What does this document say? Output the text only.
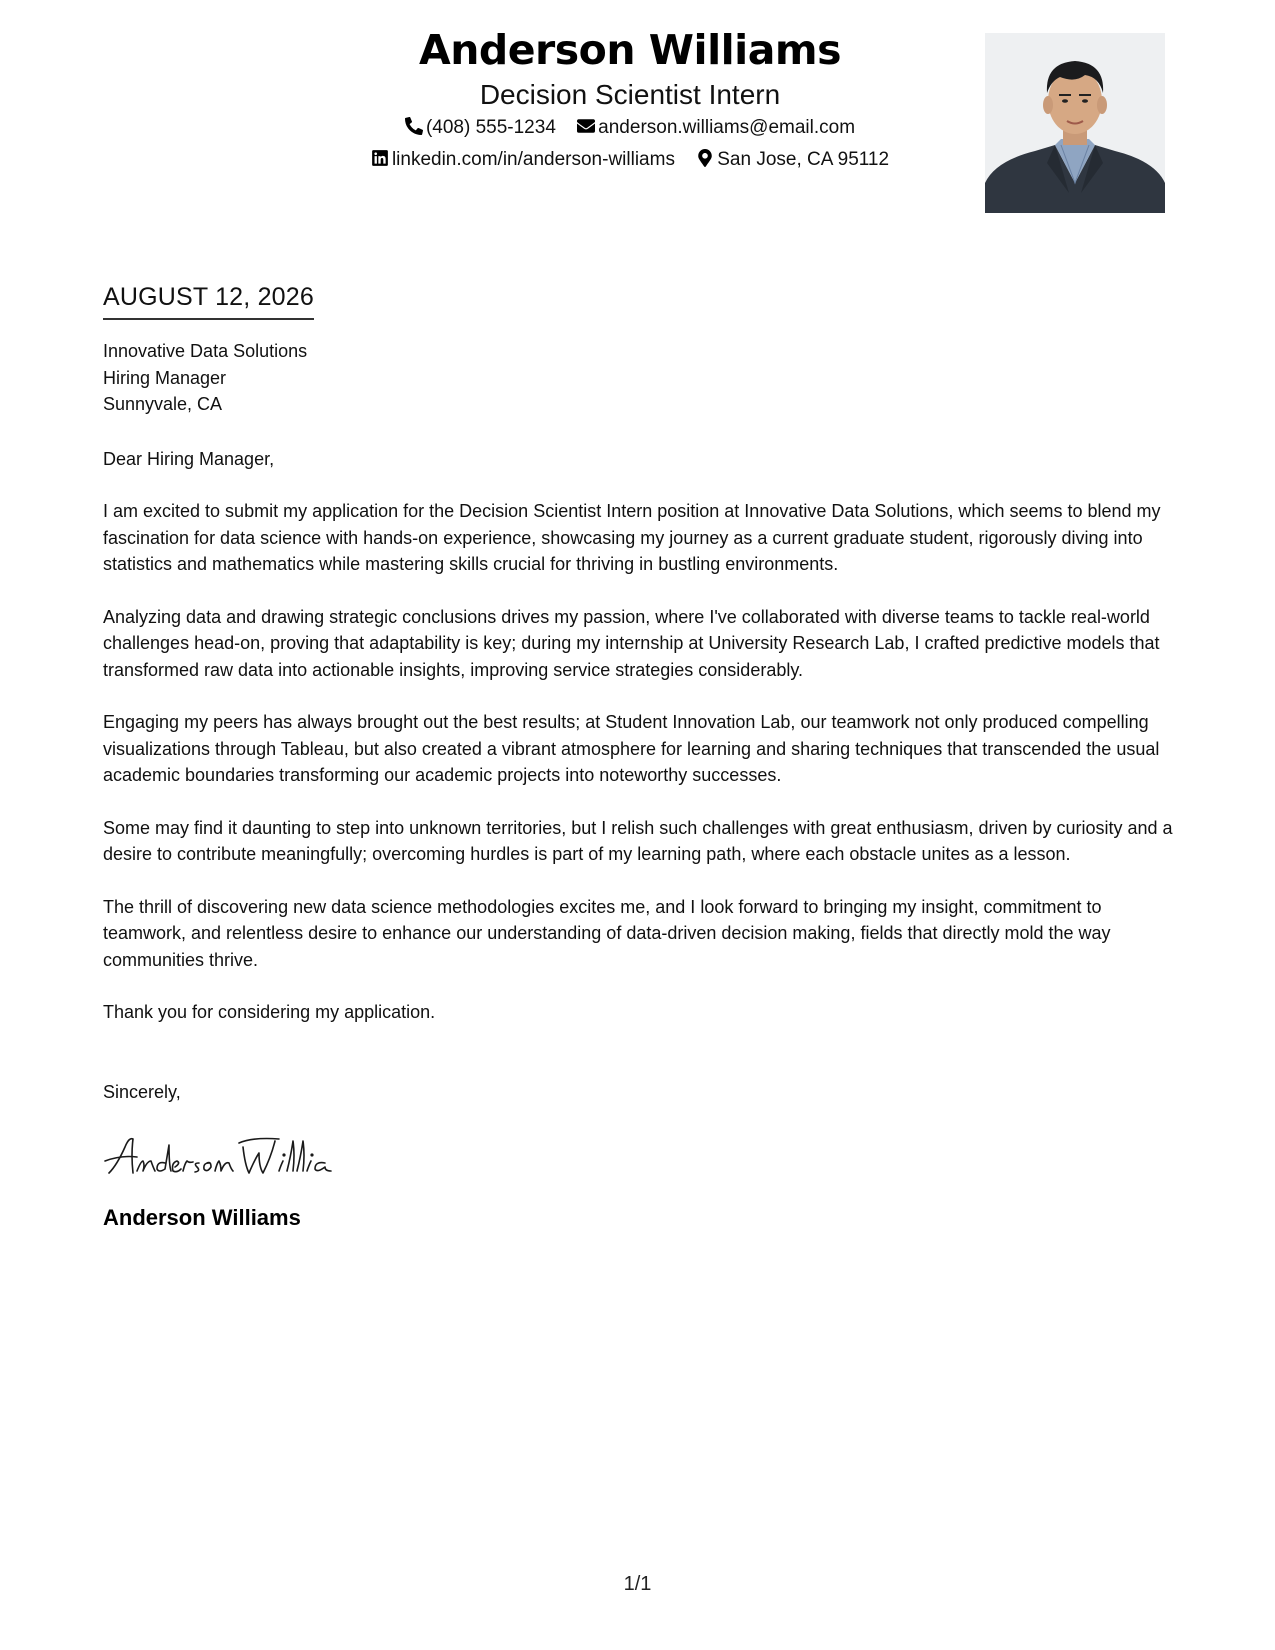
Anderson Williams
Decision Scientist Intern
(408) 555-1234 anderson.williams@email.com
linkedin.com/in/anderson-williams San Jose, CA 95112
AUGUST 12, 2026
Innovative Data Solutions
Hiring Manager
Sunnyvale, CA

Dear Hiring Manager,

I am excited to submit my application for the Decision Scientist Intern position at Innovative Data Solutions, which seems to blend my fascination for data science with hands-on experience, showcasing my journey as a current graduate student, rigorously diving into statistics and mathematics while mastering skills crucial for thriving in bustling environments.

Analyzing data and drawing strategic conclusions drives my passion, where I've collaborated with diverse teams to tackle real-world challenges head-on, proving that adaptability is key; during my internship at University Research Lab, I crafted predictive models that transformed raw data into actionable insights, improving service strategies considerably.

Engaging my peers has always brought out the best results; at Student Innovation Lab, our teamwork not only produced compelling visualizations through Tableau, but also created a vibrant atmosphere for learning and sharing techniques that transcended the usual academic boundaries transforming our academic projects into noteworthy successes.

Some may find it daunting to step into unknown territories, but I relish such challenges with great enthusiasm, driven by curiosity and a desire to contribute meaningfully; overcoming hurdles is part of my learning path, where each obstacle unites as a lesson.

The thrill of discovering new data science methodologies excites me, and I look forward to bringing my insight, commitment to teamwork, and relentless desire to enhance our understanding of data-driven decision making, fields that directly mold the way communities thrive.

Thank you for considering my application.

Sincerely,

Anderson Williams
1/1
